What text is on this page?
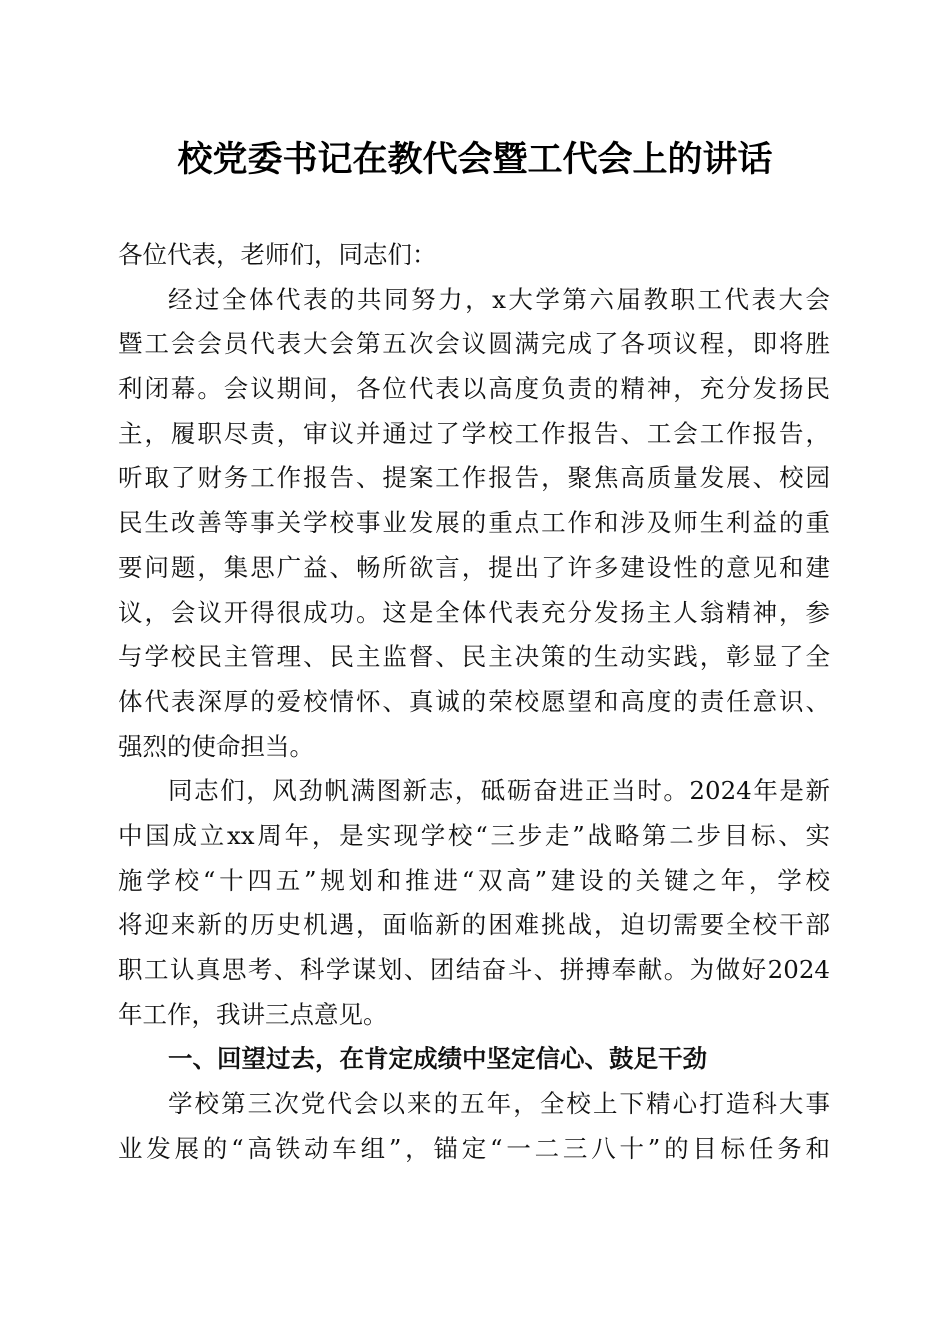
校党委书记在教代会暨工代会上的讲话
各位代表，老师们，同志们：
经过全体代表的共同努力，x大学第六届教职工代表大会
暨工会会员代表大会第五次会议圆满完成了各项议程，即将胜
利闭幕。会议期间，各位代表以高度负责的精神，充分发扬民
主，履职尽责，审议并通过了学校工作报告、工会工作报告，
听取了财务工作报告、提案工作报告，聚焦高质量发展、校园
民生改善等事关学校事业发展的重点工作和涉及师生利益的重
要问题，集思广益、畅所欲言，提出了许多建设性的意见和建
议，会议开得很成功。这是全体代表充分发扬主人翁精神，参
与学校民主管理、民主监督、民主决策的生动实践，彰显了全
体代表深厚的爱校情怀、真诚的荣校愿望和高度的责任意识、
强烈的使命担当。
同志们，风劲帆满图新志，砥砺奋进正当时。2024年是新
中国成立xx周年，是实现学校“三步走”战略第二步目标、实
施学校“十四五”规划和推进“双高”建设的关键之年，学校
将迎来新的历史机遇，面临新的困难挑战，迫切需要全校干部
职工认真思考、科学谋划、团结奋斗、拼搏奉献。为做好2024
年工作，我讲三点意见。
一、回望过去，在肯定成绩中坚定信心、鼓足干劲
学校第三次党代会以来的五年，全校上下精心打造科大事
业发展的“高铁动车组”，锚定“一二三八十”的目标任务和
